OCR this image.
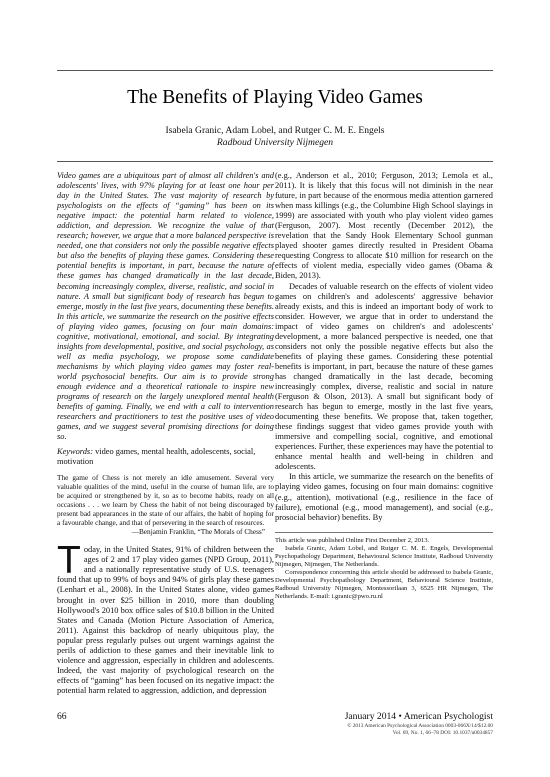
The Benefits of Playing Video Games
Isabela Granic, Adam Lobel, and Rutger C. M. E. Engels
Radboud University Nijmegen

Video games are a ubiquitous part of almost all children's and adolescents' lives, with 97% playing for at least one hour per day in the United States. The vast majority of research by psychologists on the effects of “gaming” has been on its negative impact: the potential harm related to violence, addiction, and depression. We recognize the value of that research; however, we argue that a more balanced perspective is needed, one that considers not only the possible negative effects but also the benefits of playing these games. Considering these potential benefits is important, in part, because the nature of these games has changed dramatically in the last decade, becoming increasingly complex, diverse, realistic, and social in nature. A small but significant body of research has begun to emerge, mostly in the last five years, documenting these benefits. In this article, we summarize the research on the positive effects of playing video games, focusing on four main domains: cognitive, motivational, emotional, and social. By integrating insights from developmental, positive, and social psychology, as well as media psychology, we propose some candidate mechanisms by which playing video games may foster real-world psychosocial benefits. Our aim is to provide strong enough evidence and a theoretical rationale to inspire new programs of research on the largely unexplored mental health benefits of gaming. Finally, we end with a call to intervention researchers and practitioners to test the positive uses of video games, and we suggest several promising directions for doing so.

Keywords: video games, mental health, adolescents, social, motivation

The game of Chess is not merely an idle amusement. Several very valuable qualities of the mind, useful in the course of human life, are to be acquired or strengthened by it, so as to become habits, ready on all occasions . . . we learn by Chess the habit of not being discouraged by present bad appearances in the state of our affairs, the habit of hoping for a favourable change, and that of persevering in the search of resources.

—Benjamin Franklin, “The Morals of Chess”

Today, in the United States, 91% of children between the ages of 2 and 17 play video games (NPD Group, 2011), and a nationally representative study of U.S. teenagers found that up to 99% of boys and 94% of girls play these games (Lenhart et al., 2008). In the United States alone, video games brought in over $25 billion in 2010, more than doubling Hollywood's 2010 box office sales of $10.8 billion in the United States and Canada (Motion Picture Association of America, 2011). Against this backdrop of nearly ubiquitous play, the popular press regularly pulses out urgent warnings against the perils of addiction to these games and their inevitable link to violence and aggression, especially in children and adolescents. Indeed, the vast majority of psychological research on the effects of “gaming” has been focused on its negative impact: the potential harm related to aggression, addiction, and depression

(e.g., Anderson et al., 2010; Ferguson, 2013; Lemola et al., 2011). It is likely that this focus will not diminish in the near future, in part because of the enormous media attention garnered when mass killings (e.g., the Columbine High School slayings in 1999) are associated with youth who play violent video games (Ferguson, 2007). Most recently (December 2012), the revelation that the Sandy Hook Elementary School gunman played shooter games directly resulted in President Obama requesting Congress to allocate $10 million for research on the effects of violent media, especially video games (Obama & Biden, 2013).

Decades of valuable research on the effects of violent video games on children's and adolescents' aggressive behavior already exists, and this is indeed an important body of work to consider. However, we argue that in order to understand the impact of video games on children's and adolescents' development, a more balanced perspective is needed, one that considers not only the possible negative effects but also the benefits of playing these games. Considering these potential benefits is important, in part, because the nature of these games has changed dramatically in the last decade, becoming increasingly complex, diverse, realistic and social in nature (Ferguson & Olson, 2013). A small but significant body of research has begun to emerge, mostly in the last five years, documenting these benefits. We propose that, taken together, these findings suggest that video games provide youth with immersive and compelling social, cognitive, and emotional experiences. Further, these experiences may have the potential to enhance mental health and well-being in children and adolescents.

In this article, we summarize the research on the benefits of playing video games, focusing on four main domains: cognitive (e.g., attention), motivational (e.g., resilience in the face of failure), emotional (e.g., mood management), and social (e.g., prosocial behavior) benefits. By

This article was published Online First December 2, 2013.

Isabela Granic, Adam Lobel, and Rutger C. M. E. Engels, Developmental Psychopathology Department, Behavioural Science Institute, Radboud University Nijmegen, Nijmegen, The Netherlands.

Correspondence concerning this article should be addressed to Isabela Granic, Developmental Psychopathology Department, Behavioural Science Institute, Radboud University Nijmegen, Montessorilaan 3, 6525 HR Nijmegen, The Netherlands. E-mail: i.granic@pwo.ru.nl

66	January 2014 • American Psychologist
© 2013 American Psychological Association 0003-066X/14/$12.00
Vol. 69, No. 1, 66–78 DOI: 10.1037/a0034857
